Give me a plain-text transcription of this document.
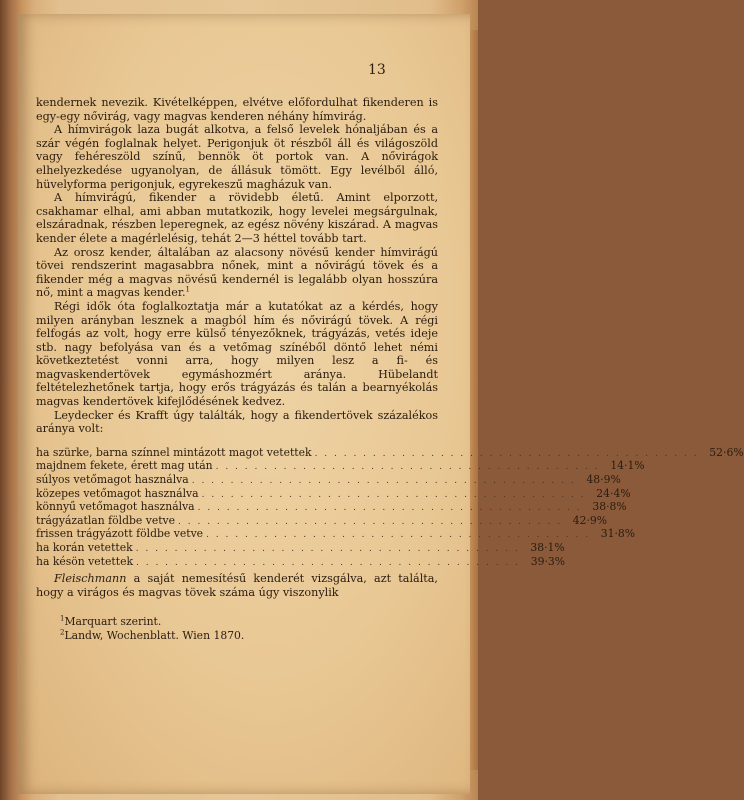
13

kendernek nevezik. Kivételképpen, elvétve előfordulhat fikenderen is egy-egy nővirág, vagy magvas kenderen néhány hímvirág.

A hímvirágok laza bugát alkotva, a felső levelek hónaljában és a szár végén foglalnak helyet. Perigonjuk öt részből áll és világoszöld vagy fehéreszöld színű, bennök öt portok van. A nővirágok elhelyezkedése ugyanolyan, de állásuk tömött. Egy levélből álló, hüvelyforma perigonjuk, egyrekeszű magházuk van.

A hímvirágú, fikender a rövidebb életű. Amint elporzott, csakhamar elhal, ami abban mutatkozik, hogy levelei megsárgulnak, elszáradnak, részben leperegnek, az egész növény kiszárad. A magvas kender élete a magérlelésig, tehát 2—3 héttel tovább tart.

Az orosz kender, általában az alacsony növésű kender hímvirágú tövei rendszerint magasabbra nőnek, mint a nővirágú tövek és a fikender még a magvas növésű kendernél is legalább olyan hosszúra nő, mint a magvas kender.$^1$

Régi idők óta foglalkoztatja már a kutatókat az a kérdés, hogy milyen arányban lesznek a magból hím és nővirágú tövek. A régi felfogás az volt, hogy erre külső tényezőknek, trágyázás, vetés ideje stb. nagy befolyása van és a vetőmag színéből döntő lehet némi következtetést vonni arra, hogy milyen lesz a fi- és magvaskendertövek egymáshozmért aránya. Hübelandt feltételezhetőnek tartja, hogy erős trágyázás és talán a bearnyékolás magvas kendertövek kifejlődésének kedvez.

Leydecker és Krafft úgy találták, hogy a fikendertövek százalékos aránya volt:

ha szürke, barna színnel mintázott magot vetettek . . . . . . . . . . . . . . . . . . . . . . . . . . . . . . . . . . . . . . . . 52·6%
majdnem fekete, érett mag után . . . . . . . . . . . . . . . . . . . . . . . . . . . . . . . . . . . . . . . . 14·1%
súlyos vetőmagot használva . . . . . . . . . . . . . . . . . . . . . . . . . . . . . . . . . . . . . . . . 48·9%
közepes vetőmagot használva . . . . . . . . . . . . . . . . . . . . . . . . . . . . . . . . . . . . . . . . 24·4%
könnyű vetőmagot használva . . . . . . . . . . . . . . . . . . . . . . . . . . . . . . . . . . . . . . . . 38·8%
trágyázatlan földbe vetve . . . . . . . . . . . . . . . . . . . . . . . . . . . . . . . . . . . . . . . . 42·9%
frissen trágyázott földbe vetve . . . . . . . . . . . . . . . . . . . . . . . . . . . . . . . . . . . . . . . . 31·8%
ha korán vetettek . . . . . . . . . . . . . . . . . . . . . . . . . . . . . . . . . . . . . . . . 38·1%
ha késön vetettek . . . . . . . . . . . . . . . . . . . . . . . . . . . . . . . . . . . . . . . . 39·3%

Fleischmann a saját nemesítésű kenderét vizsgálva, azt találta, hogy a virágos és magvas tövek száma úgy viszonylik

$^1$Marquart szerint.
$^2$Landw, Wochenblatt. Wien 1870.
